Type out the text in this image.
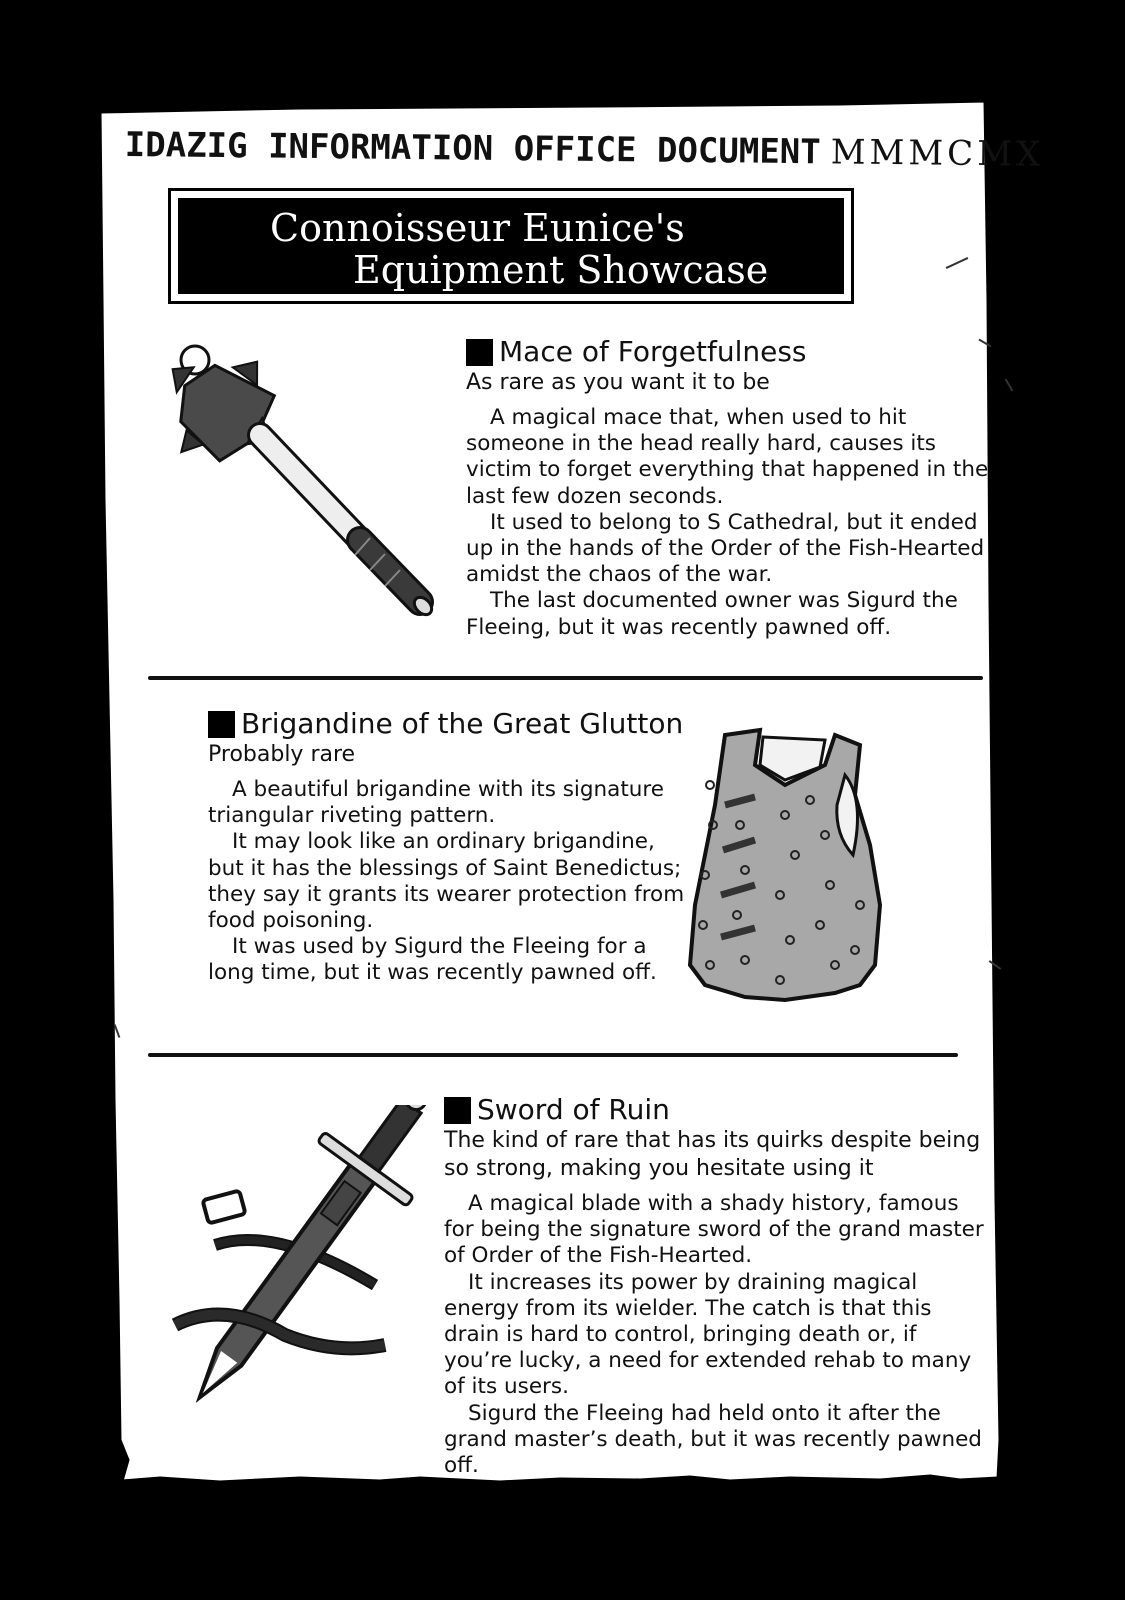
IDAZIG INFORMATION OFFICE DOCUMENT MMMCMX
Connoisseur Eunice's
Equipment Showcase
Mace of Forgetfulness
As rare as you want it to be

A magical mace that, when used to hit someone in the head really hard, causes its victim to forget everything that happened in the last few dozen seconds.

It used to belong to S Cathedral, but it ended up in the hands of the Order of the Fish-Hearted amidst the chaos of the war.

The last documented owner was Sigurd the Fleeing, but it was recently pawned off.

Brigandine of the Great Glutton
Probably rare

A beautiful brigandine with its signature triangular riveting pattern.

It may look like an ordinary brigandine, but it has the blessings of Saint Benedictus; they say it grants its wearer protection from food poisoning.

It was used by Sigurd the Fleeing for a long time, but it was recently pawned off.

Sword of Ruin
The kind of rare that has its quirks despite being so strong, making you hesitate using it

A magical blade with a shady history, famous for being the signature sword of the grand master of Order of the Fish-Hearted.

It increases its power by draining magical energy from its wielder. The catch is that this drain is hard to control, bringing death or, if you’re lucky, a need for extended rehab to many of its users.

Sigurd the Fleeing had held onto it after the grand master’s death, but it was recently pawned off.
